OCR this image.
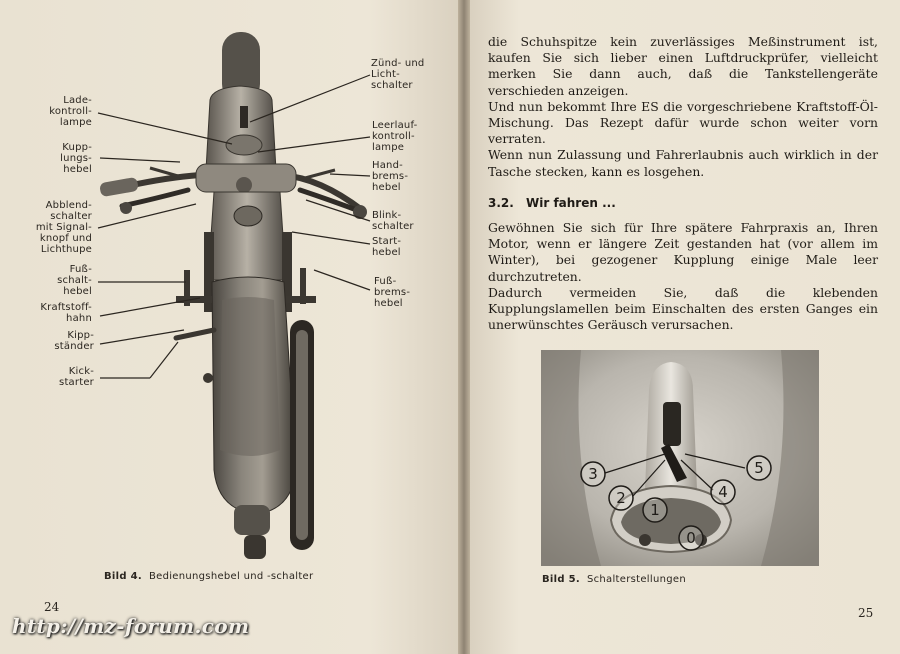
Zünd- und
Licht-
schalter
Lade-
kontroll-
lampe
Kupp-
lungs-
hebel
Leerlauf-
kontroll-
lampe
Hand-
brems-
hebel
Abblend-
schalter
mit Signal-
knopf und
Lichthupe
Blink-
schalter
Start-
hebel
Fuß-
schalt-
hebel
Fuß-
brems-
hebel
Kraftstoff-
hahn
Kipp-
ständer
Kick-
starter
Bild 4. Bedienungshebel und -schalter
24

die Schuhspitze kein zuverlässiges Meßinstrument ist, kaufen Sie sich lieber einen Luftdruckprüfer, vielleicht merken Sie dann auch, daß die Tankstellengeräte verschieden anzeigen.

Und nun bekommt Ihre ES die vorgeschriebene Kraftstoff-Öl-Mischung. Das Rezept dafür wurde schon weiter vorn verraten.

Wenn nun Zulassung und Fahrerlaubnis auch wirklich in der Tasche stecken, kann es losgehen.

3.2. Wir fahren ...

Gewöhnen Sie sich für Ihre spätere Fahrpraxis an, Ihren Motor, wenn er längere Zeit gestanden hat (vor allem im Winter), bei gezogener Kupplung einige Male leer durchzutreten.

Dadurch vermeiden Sie, daß die klebenden Kupplungslamellen beim Einschalten des ersten Ganges ein unerwünschtes Geräusch verursachen.

3
2
1
0
4
5
Bild 5. Schalterstellungen
25
http://mz-forum.com
